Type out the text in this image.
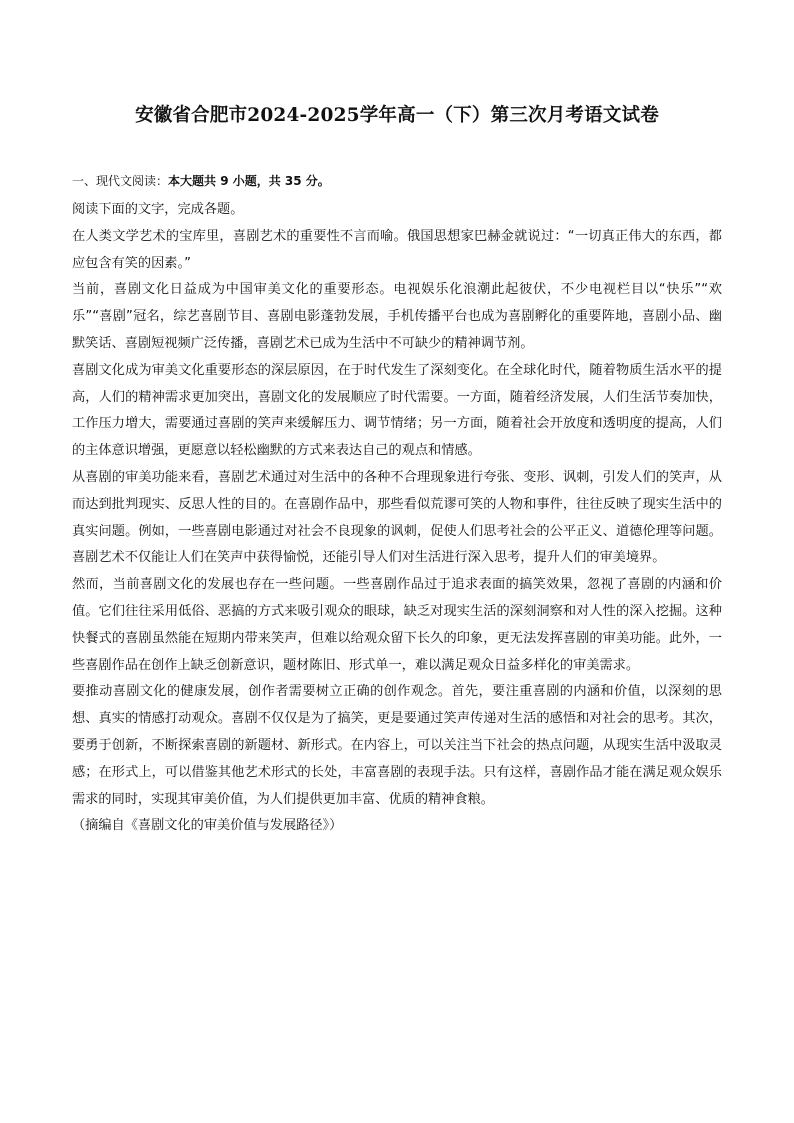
安徽省合肥市2024-2025学年高一（下）第三次月考语文试卷
一、现代文阅读：本大题共 9 小题，共 35 分。

阅读下面的文字，完成各题。

在人类文学艺术的宝库里，喜剧艺术的重要性不言而喻。俄国思想家巴赫金就说过：“一切真正伟大的东西，都应包含有笑的因素。”

当前，喜剧文化日益成为中国审美文化的重要形态。电视娱乐化浪潮此起彼伏，不少电视栏目以“快乐”“欢乐”“喜剧”冠名，综艺喜剧节目、喜剧电影蓬勃发展，手机传播平台也成为喜剧孵化的重要阵地，喜剧小品、幽默笑话、喜剧短视频广泛传播，喜剧艺术已成为生活中不可缺少的精神调节剂。

喜剧文化成为审美文化重要形态的深层原因，在于时代发生了深刻变化。在全球化时代，随着物质生活水平的提高，人们的精神需求更加突出，喜剧文化的发展顺应了时代需要。一方面，随着经济发展，人们生活节奏加快，工作压力增大，需要通过喜剧的笑声来缓解压力、调节情绪；另一方面，随着社会开放度和透明度的提高，人们的主体意识增强，更愿意以轻松幽默的方式来表达自己的观点和情感。

从喜剧的审美功能来看，喜剧艺术通过对生活中的各种不合理现象进行夸张、变形、讽刺，引发人们的笑声，从而达到批判现实、反思人性的目的。在喜剧作品中，那些看似荒谬可笑的人物和事件，往往反映了现实生活中的真实问题。例如，一些喜剧电影通过对社会不良现象的讽刺，促使人们思考社会的公平正义、道德伦理等问题。喜剧艺术不仅能让人们在笑声中获得愉悦，还能引导人们对生活进行深入思考，提升人们的审美境界。

然而，当前喜剧文化的发展也存在一些问题。一些喜剧作品过于追求表面的搞笑效果，忽视了喜剧的内涵和价值。它们往往采用低俗、恶搞的方式来吸引观众的眼球，缺乏对现实生活的深刻洞察和对人性的深入挖掘。这种快餐式的喜剧虽然能在短期内带来笑声，但难以给观众留下长久的印象，更无法发挥喜剧的审美功能。此外，一些喜剧作品在创作上缺乏创新意识，题材陈旧、形式单一，难以满足观众日益多样化的审美需求。

要推动喜剧文化的健康发展，创作者需要树立正确的创作观念。首先，要注重喜剧的内涵和价值，以深刻的思想、真实的情感打动观众。喜剧不仅仅是为了搞笑，更是要通过笑声传递对生活的感悟和对社会的思考。其次，要勇于创新，不断探索喜剧的新题材、新形式。在内容上，可以关注当下社会的热点问题，从现实生活中汲取灵感；在形式上，可以借鉴其他艺术形式的长处，丰富喜剧的表现手法。只有这样，喜剧作品才能在满足观众娱乐需求的同时，实现其审美价值，为人们提供更加丰富、优质的精神食粮。

（摘编自《喜剧文化的审美价值与发展路径》）
